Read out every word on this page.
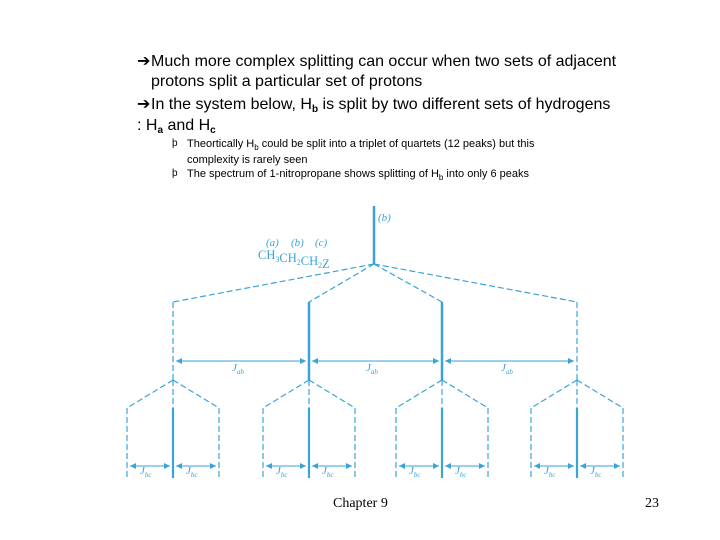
➔Much more complex splitting can occur when two sets of adjacent
protons split a particular set of protons
➔In the system below, $H_b$ is split by two different sets of hydrogens
: $H_a$ and $H_c$
þ Theortically $H_b$ could be split into a triplet of quartets (12 peaks) but this
complexity is rarely seen
þ The spectrum of 1-nitropropane shows splitting of $H_b$ into only 6 peaks
(b)
(a) (b) (c)
$CH_3CH_2CH_2Z$
$J_{ab}$	$J_{ab}$	$J_{ab}$
$J_{bc}$	$J_{bc}$	$J_{bc}$	$J_{bc}$	$J_{bc}$	$J_{bc}$	$J_{bc}$	$J_{bc}$
Chapter 9	23
